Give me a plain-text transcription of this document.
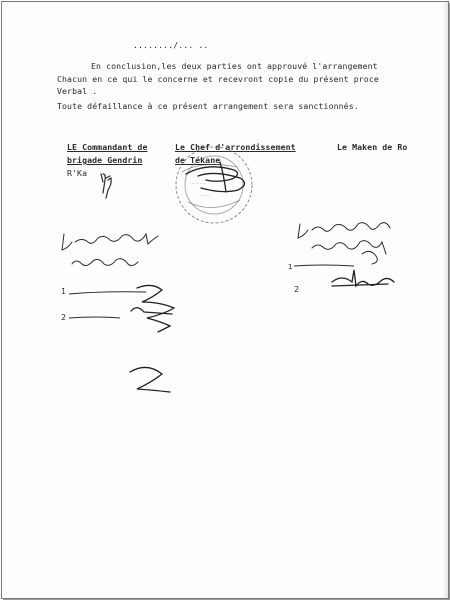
......../... ..
En conclusion,les deux parties ont approuvé l'arrangement
Chacun en ce qui le concerne et recevront copie du présent proce
Verbal .
Toute défaillance à ce présent arrangement sera sanctionnés.
LE Commandant de
brigade Gendrin
R'Ka
Le Chef d'arrondissement
de Tékane
Le Maken de Ro
..........
.......
1
2
1
2
